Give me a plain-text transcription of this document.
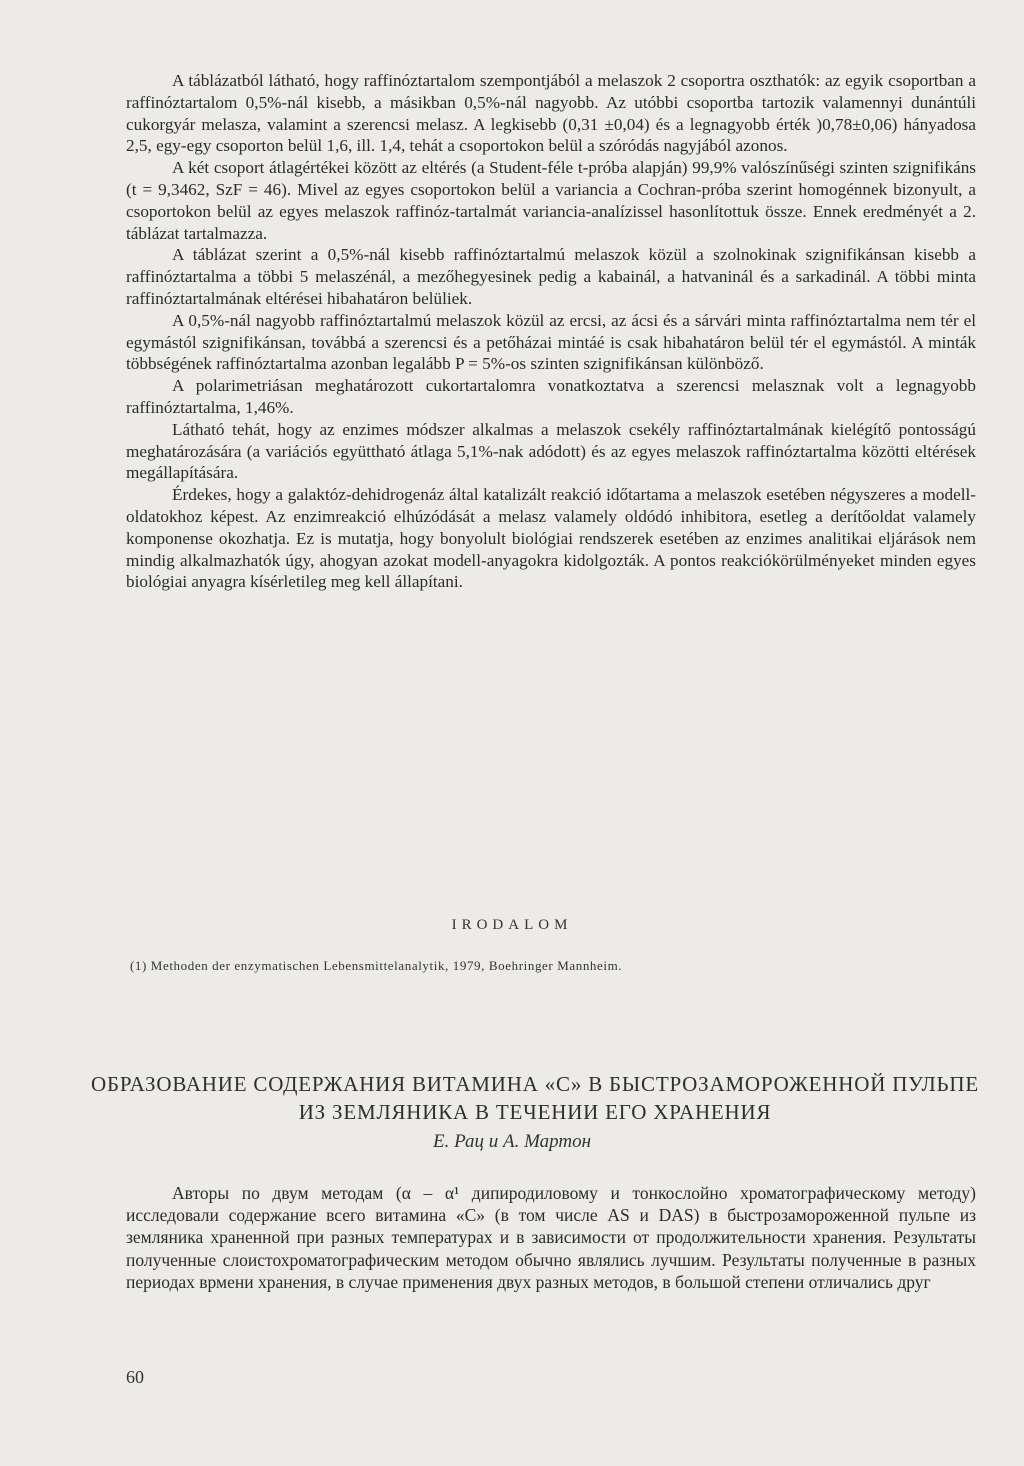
A táblázatból látható, hogy raffinóztartalom szempontjából a melaszok 2 csoportra oszthatók: az egyik csoportban a raffinóztartalom 0,5%-nál kisebb, a másikban 0,5%-nál nagyobb. Az utóbbi csoportba tartozik valamennyi dunántúli cukorgyár melasza, valamint a szerencsi melasz. A legkisebb (0,31 ±0,04) és a legnagyobb érték )0,78±0,06) hányadosa 2,5, egy-egy csoporton belül 1,6, ill. 1,4, tehát a csoportokon belül a szóródás nagyjából azonos.

A két csoport átlagértékei között az eltérés (a Student-féle t-próba alapján) 99,9% valószínűségi szinten szignifikáns (t = 9,3462, SzF = 46). Mivel az egyes csoportokon belül a variancia a Cochran-próba szerint homogénnek bizonyult, a csoportokon belül az egyes melaszok raffinóz-tartalmát variancia-analízissel hasonlítottuk össze. Ennek eredményét a 2. táblázat tartalmazza.

A táblázat szerint a 0,5%-nál kisebb raffinóztartalmú melaszok közül a szolnokinak szignifikánsan kisebb a raffinóztartalma a többi 5 melaszénál, a mezőhegyesinek pedig a kabainál, a hatvaninál és a sarkadinál. A többi minta raffinóztartalmának eltérései hibahatáron belüliek.

A 0,5%-nál nagyobb raffinóztartalmú melaszok közül az ercsi, az ácsi és a sárvári minta raffinóztartalma nem tér el egymástól szignifikánsan, továbbá a szerencsi és a petőházai mintáé is csak hibahatáron belül tér el egymástól. A minták többségének raffinóztartalma azonban legalább P = 5%-os szinten szignifikánsan különböző.

A polarimetriásan meghatározott cukortartalomra vonatkoztatva a szerencsi melasznak volt a legnagyobb raffinóztartalma, 1,46%.

Látható tehát, hogy az enzimes módszer alkalmas a melaszok csekély raffinóztartalmának kielégítő pontosságú meghatározására (a variációs együttható átlaga 5,1%-nak adódott) és az egyes melaszok raffinóztartalma közötti eltérések megállapítására.

Érdekes, hogy a galaktóz-dehidrogenáz által katalizált reakció időtartama a melaszok esetében négyszeres a modell-oldatokhoz képest. Az enzimreakció elhúzódását a melasz valamely oldódó inhibitora, esetleg a derítőoldat valamely komponense okozhatja. Ez is mutatja, hogy bonyolult biológiai rendszerek esetében az enzimes analitikai eljárások nem mindig alkalmazhatók úgy, ahogyan azokat modell-anyagokra kidolgozták. A pontos reakciókörülményeket minden egyes biológiai anyagra kísérletileg meg kell állapítani.

IRODALOM
(1) Methoden der enzymatischen Lebensmittelanalytik, 1979, Boehringer Mannheim.
ОБРАЗОВАНИЕ СОДЕРЖАНИЯ ВИТАМИНА «С» В БЫСТРОЗАМОРОЖЕННОЙ ПУЛЬПЕ ИЗ ЗЕМЛЯНИКА В ТЕЧЕНИИ ЕГО ХРАНЕНИЯ
Е. Рац и А. Мартон

Авторы по двум методам (α – α¹ дипиродиловому и тонкослойно хроматографическому методу) исследовали содержание всего витамина «С» (в том числе AS и DAS) в быстрозамороженной пульпе из земляника храненной при разных температурах и в зависимости от продолжительности хранения. Результаты полученные слоистохроматографическим методом обычно являлись лучшим. Результаты полученные в разных периодах врмени хранения, в случае применения двух разных методов, в большой степени отличались друг

60
